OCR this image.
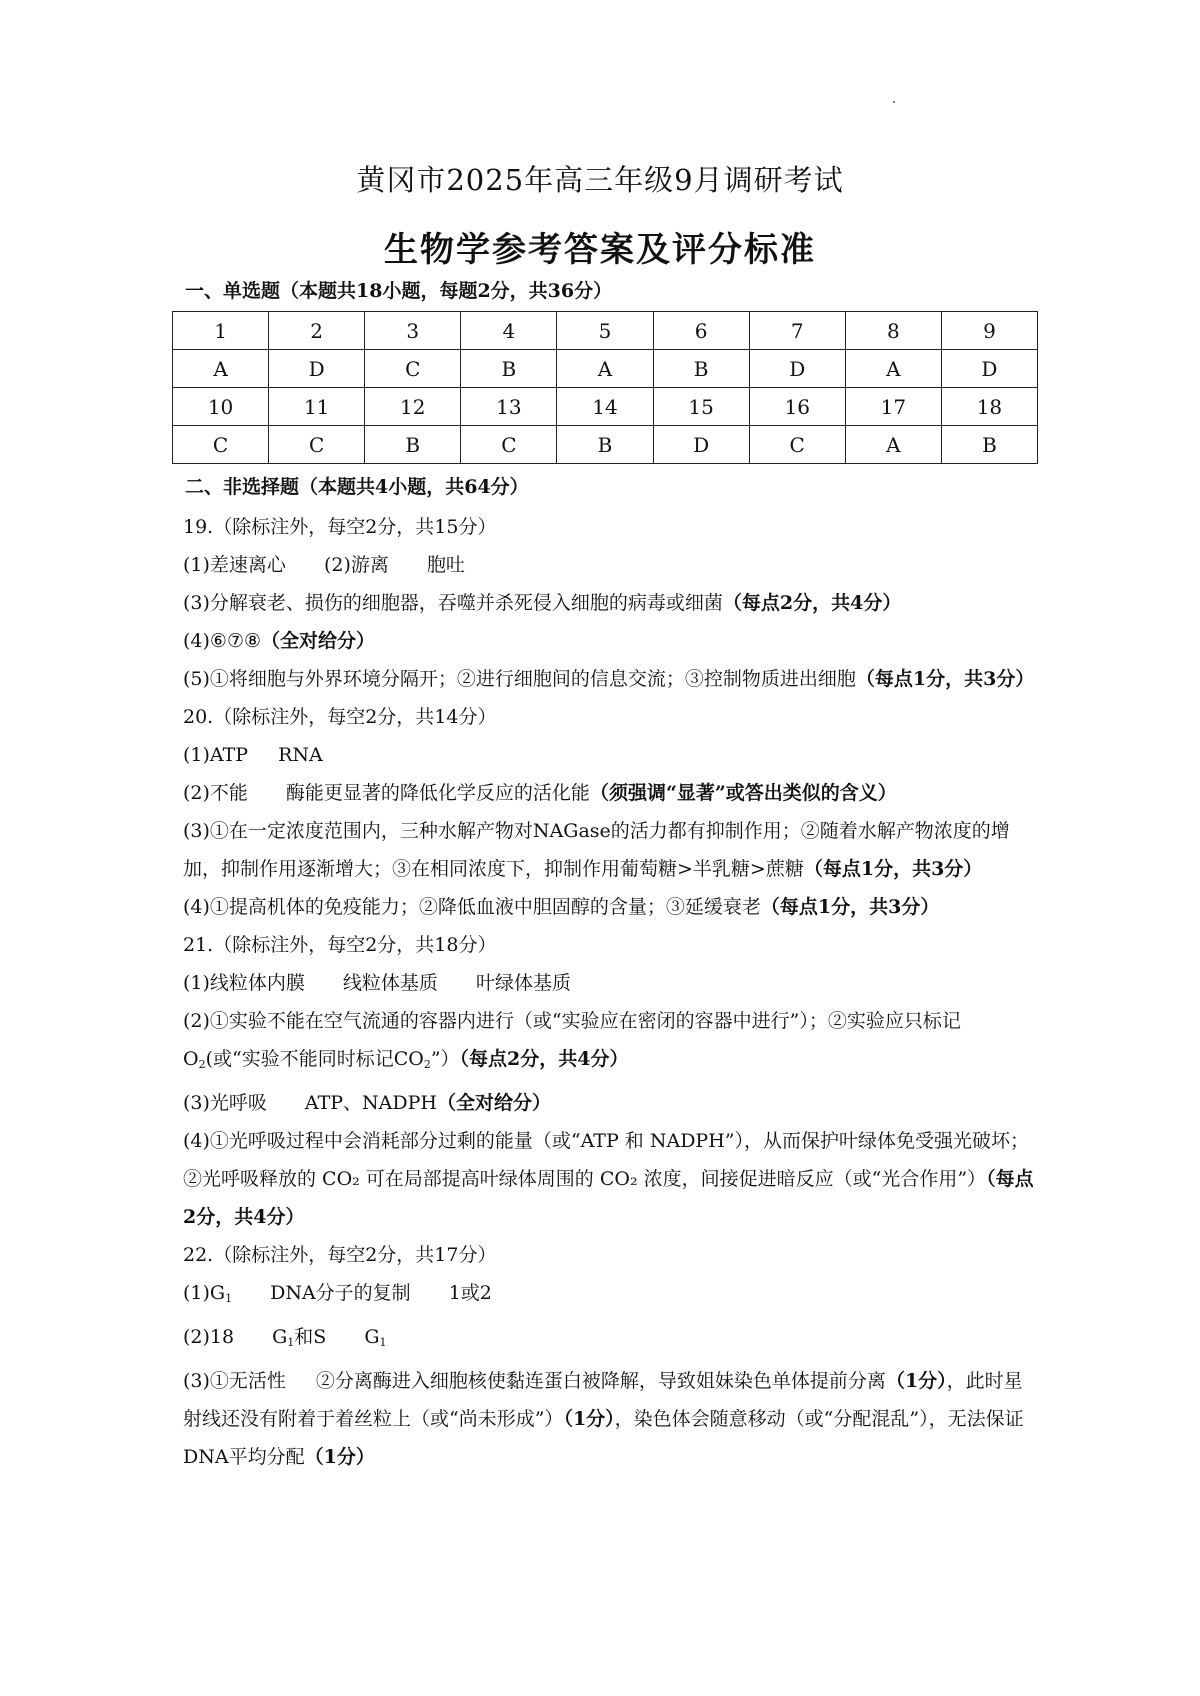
黄冈市2025年高三年级9月调研考试
生物学参考答案及评分标准
一、单选题（本题共18小题，每题2分，共36分）
1	2	3	4	5	6	7	8	9
A	D	C	B	A	B	D	A	D
10	11	12	13	14	15	16	17	18
C	C	B	C	B	D	C	A	B
二、非选择题（本题共4小题，共64分）

19.（除标注外，每空2分，共15分）

(1)差速离心 (2)游离 胞吐

(3)分解衰老、损伤的细胞器，吞噬并杀死侵入细胞的病毒或细菌（每点2分，共4分）

(4)⑥⑦⑧（全对给分）

(5)①将细胞与外界环境分隔开；②进行细胞间的信息交流；③控制物质进出细胞（每点1分，共3分）

20.（除标注外，每空2分，共14分）

(1)ATP RNA

(2)不能 酶能更显著的降低化学反应的活化能（须强调“显著”或答出类似的含义）

(3)①在一定浓度范围内，三种水解产物对NAGase的活力都有抑制作用；②随着水解产物浓度的增加，抑制作用逐渐增大；③在相同浓度下，抑制作用葡萄糖>半乳糖>蔗糖（每点1分，共3分）

(4)①提高机体的免疫能力；②降低血液中胆固醇的含量；③延缓衰老（每点1分，共3分）

21.（除标注外，每空2分，共18分）

(1)线粒体内膜 线粒体基质 叶绿体基质

(2)①实验不能在空气流通的容器内进行（或“实验应在密闭的容器中进行”）；②实验应只标记$O_2$(或“实验不能同时标记$CO_2$”）（每点2分，共4分）

(3)光呼吸 ATP、NADPH（全对给分）

(4)①光呼吸过程中会消耗部分过剩的能量（或“ATP 和 NADPH”），从而保护叶绿体免受强光破坏；②光呼吸释放的 CO₂ 可在局部提高叶绿体周围的 CO₂ 浓度，间接促进暗反应（或“光合作用”）（每点2分，共4分）

22.（除标注外，每空2分，共17分）

$(1)G_1$ DNA分子的复制 1或2

(2)18 $G_1$和S $G_1$

(3)①无活性 ②分离酶进入细胞核使黏连蛋白被降解，导致姐妹染色单体提前分离（1分），此时星射线还没有附着于着丝粒上（或“尚未形成”）（1分），染色体会随意移动（或“分配混乱”），无法保证DNA平均分配（1分）
